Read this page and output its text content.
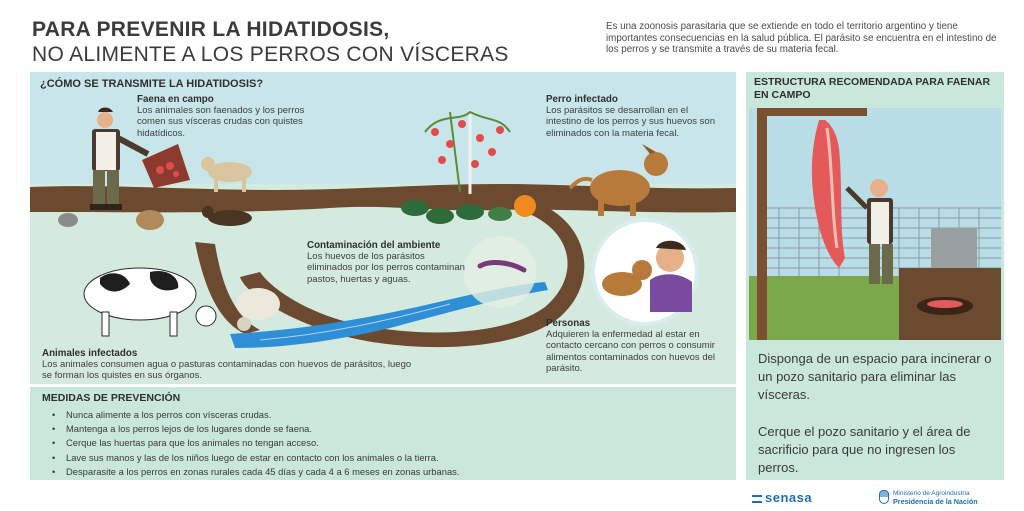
PARA PREVENIR LA HIDATIDOSIS,
NO ALIMENTE A LOS PERROS CON VÍSCERAS
Es una zoonosis parasitaria que se extiende en todo el territorio argentino y tiene importantes consecuencias en la salud pública. El parásito se encuentra en el intestino de los perros y se transmite a través de su materia fecal.
¿CÓMO SE TRANSMITE LA HIDATIDOSIS?
Faena en campo
Los animales son faenados y los perros comen sus vísceras crudas con quistes hidatídicos.
Perro infectado
Los parásitos se desarrollan en el intestino de los perros y sus huevos son eliminados con la materia fecal.
Contaminación del ambiente
Los huevos de los parásitos eliminados por los perros contaminan pastos, huertas y aguas.
Personas
Adquieren la enfermedad al estar en contacto cercano con perros o consumir alimentos contaminados con huevos del parásito.
Animales infectados
Los animales consumen agua o pasturas contaminadas con huevos de parásitos, luego se forman los quistes en sus órganos.
MEDIDAS DE PREVENCIÓN
• Nunca alimente a los perros con vísceras crudas.
• Mantenga a los perros lejos de los lugares donde se faena.
• Cerque las huertas para que los animales no tengan acceso.
• Lave sus manos y las de los niños luego de estar en contacto con los animales o la tierra.
• Desparasite a los perros en zonas rurales cada 45 días y cada 4 a 6 meses en zonas urbanas.
ESTRUCTURA RECOMENDADA PARA FAENAR EN CAMPO
Disponga de un espacio para incinerar o un pozo sanitario para eliminar las vísceras.
Cerque el pozo sanitario y el área de sacrificio para que no ingresen los perros.
senasa	Ministerio de Agroindustria
Presidencia de la Nación
